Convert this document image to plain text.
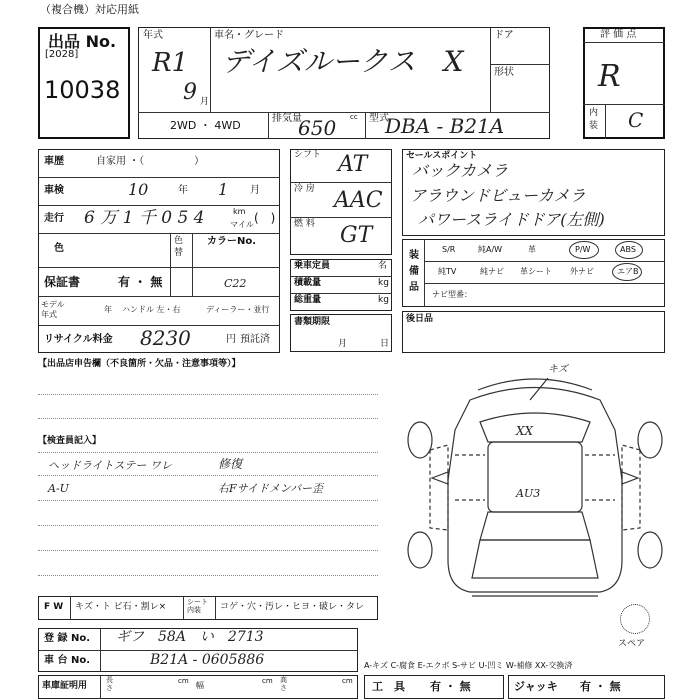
（複合機）対応用紙
出品 No.
[2028]
10038
年式
R1
9 月
車名・グレード
デイズルークス　X
ドア
形状
2WD ・ 4WD
排気量	cc
650	型式
DBA - B21A
評 価 点
R
内
装 C
車歴	自家用 ・（　　　　　）
車検	10	年 1 月
走行 6 万 1 千 0 5 4	km
マイル (　)
色
色
替
カラーNo.
C22
保証書	有 ・ 無
モデル
年式
年 ハンドル 左・右	ディーラー・並行
リサイクル料金 8230	円 預託済
シフト AT
冷 房 AAC
燃 料 GT
乗車定員	名
積載量	kg
総重量	kg
書類期限
月	日
セールスポイント
バックカメラ
アラウンドビューカメラ
パワースライドドア(左側)
装
備
品
S/R	純A/W	革	P/W	ABS
純TV	純ナビ 革シート 外ナビ	エアB
ナビ型番：
後日品
【出品店申告欄（不良箇所・欠品・注意事項等）】
【検査員記入】
ヘッドライトステー ワレ	修復
A-U	右Fサイドメンバー歪
キズ
XX
AU3
スペア
F W キズ・ト ビ石・割レ×	シート
内装	コゲ・穴・汚レ・ヒヨ・破レ・タレ
登 録 No. ギフ　58A　い　2713
車 台 No.	B21A - 0605886	A-キズ C-腐食 E-エクボ S-サビ U-凹ミ W-補修 XX-交換済
車庫証明用
長
さ
cm 幅	cm 高
さ
cm 工　具 有 ・ 無	ジャッキ 有 ・ 無
